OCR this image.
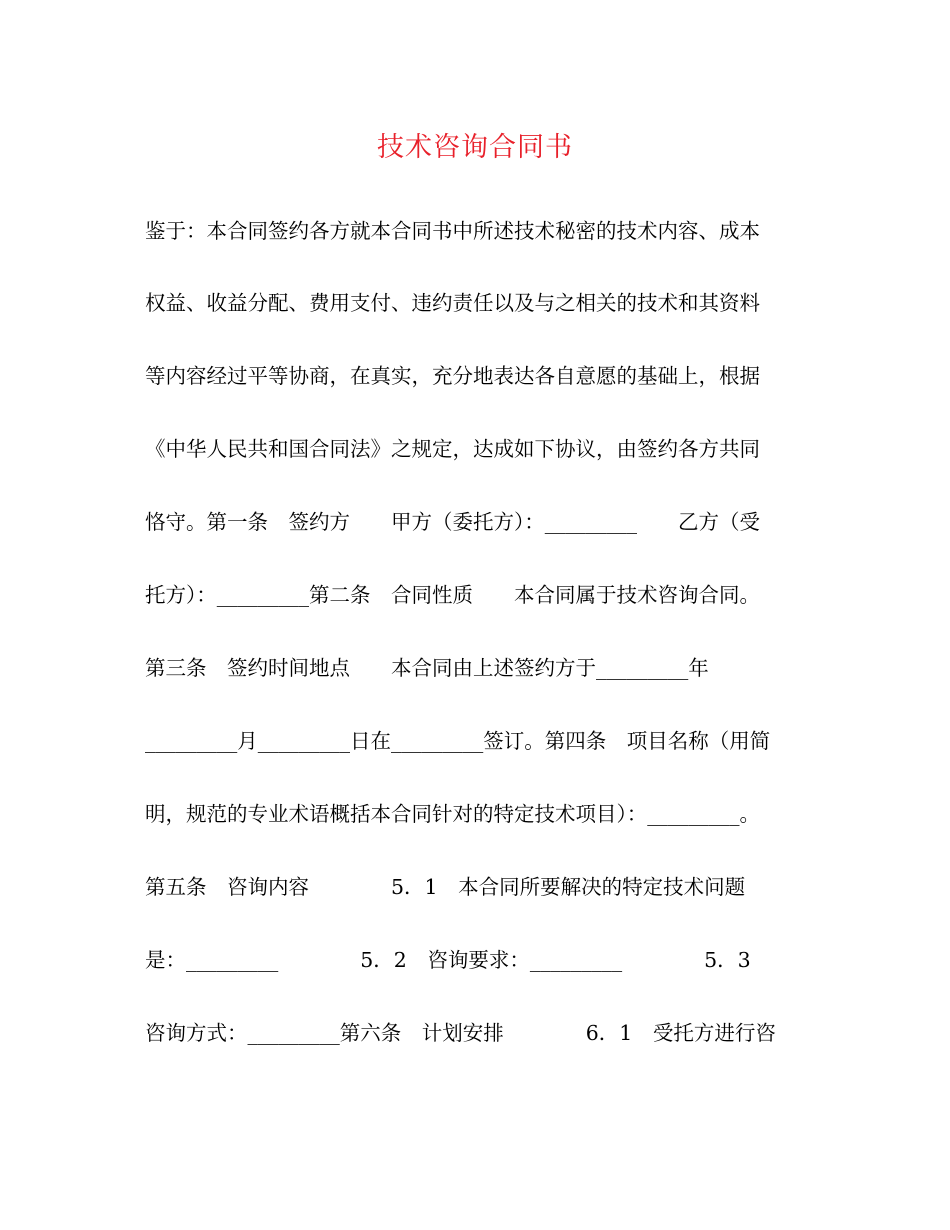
技术咨询合同书
鉴于：本合同签约各方就本合同书中所述技术秘密的技术内容、成本
权益、收益分配、费用支付、违约责任以及与之相关的技术和其资料
等内容经过平等协商，在真实，充分地表达各自意愿的基础上，根据
《中华人民共和国合同法》之规定，达成如下协议，由签约各方共同
恪守。第一条　签约方　　甲方（委托方）：_________　　乙方（受
托方）：_________第二条　合同性质　　本合同属于技术咨询合同。
第三条　签约时间地点　　本合同由上述签约方于_________年
_________月_________日在_________签订。第四条　项目名称（用简
明，规范的专业术语概括本合同针对的特定技术项目）：_________。
第五条　咨询内容　　　　5．1　本合同所要解决的特定技术问题
是：_________　　　　5．2　咨询要求：_________　　　　5．3
咨询方式：_________第六条　计划安排　　　　6．1　受托方进行咨
